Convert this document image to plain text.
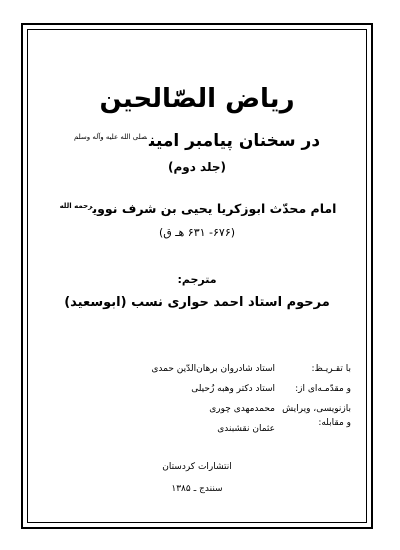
ریاض الصّالحین
در سخنان پیامبر امین$^{صلی الله علیه وآله وسلم}$
(جلد دوم)
امام محدّث ابوزکریا یحیی بن شرف نووی$^{رحمه الله}$
(۶۷۶- ۶۳۱ هـ ق)
مترجم:
مرحوم استاد احمد حواری نسب (ابوسعید)
با تقـریـظ:
استاد شادروان برهان‌الدّین حمدی
و مقدّمـه‌ای از:
استاد دکتر وهبه زُحیلی
بازنویسی، ویرایش و مقابله:
محمدمهدی چوری
عثمان نقشبندی
انتشارات کردستان
سنندج ـ ۱۳۸۵
